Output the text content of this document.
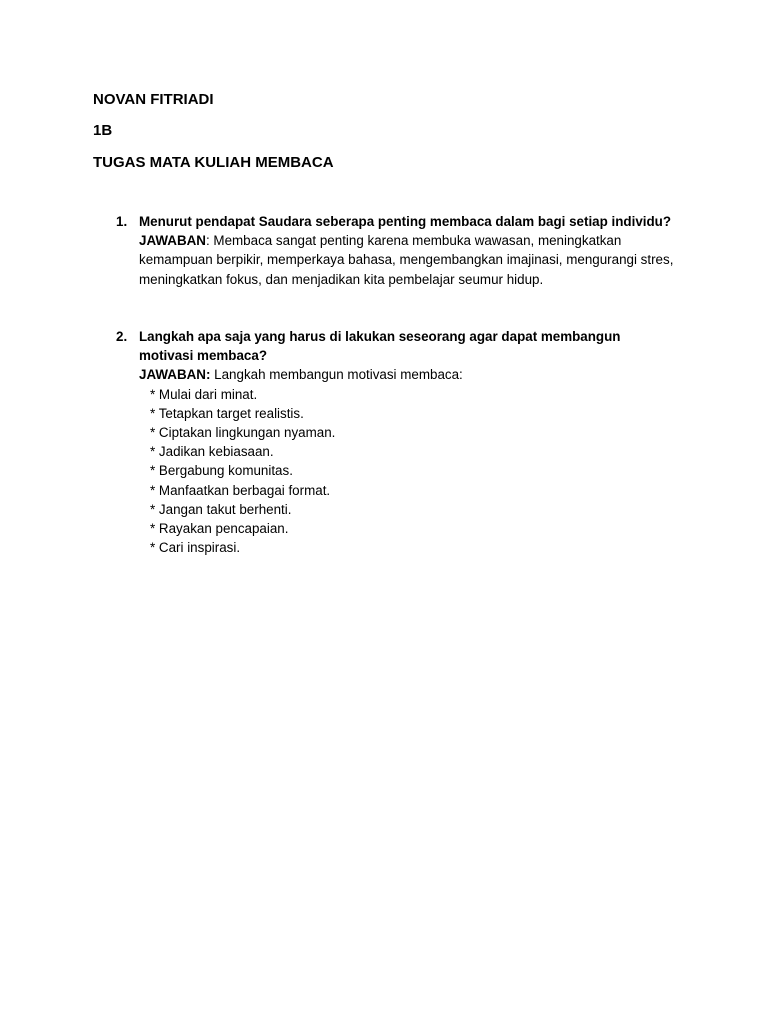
NOVAN FITRIADI
1B
TUGAS MATA KULIAH MEMBACA
1. Menurut pendapat Saudara seberapa penting membaca dalam bagi setiap individu?
JAWABAN: Membaca sangat penting karena membuka wawasan, meningkatkan kemampuan berpikir, memperkaya bahasa, mengembangkan imajinasi, mengurangi stres, meningkatkan fokus, dan menjadikan kita pembelajar seumur hidup.
2. Langkah apa saja yang harus di lakukan seseorang agar dapat membangun motivasi membaca?
JAWABAN: Langkah membangun motivasi membaca:
* Mulai dari minat.
* Tetapkan target realistis.
* Ciptakan lingkungan nyaman.
* Jadikan kebiasaan.
* Bergabung komunitas.
* Manfaatkan berbagai format.
* Jangan takut berhenti.
* Rayakan pencapaian.
* Cari inspirasi.
